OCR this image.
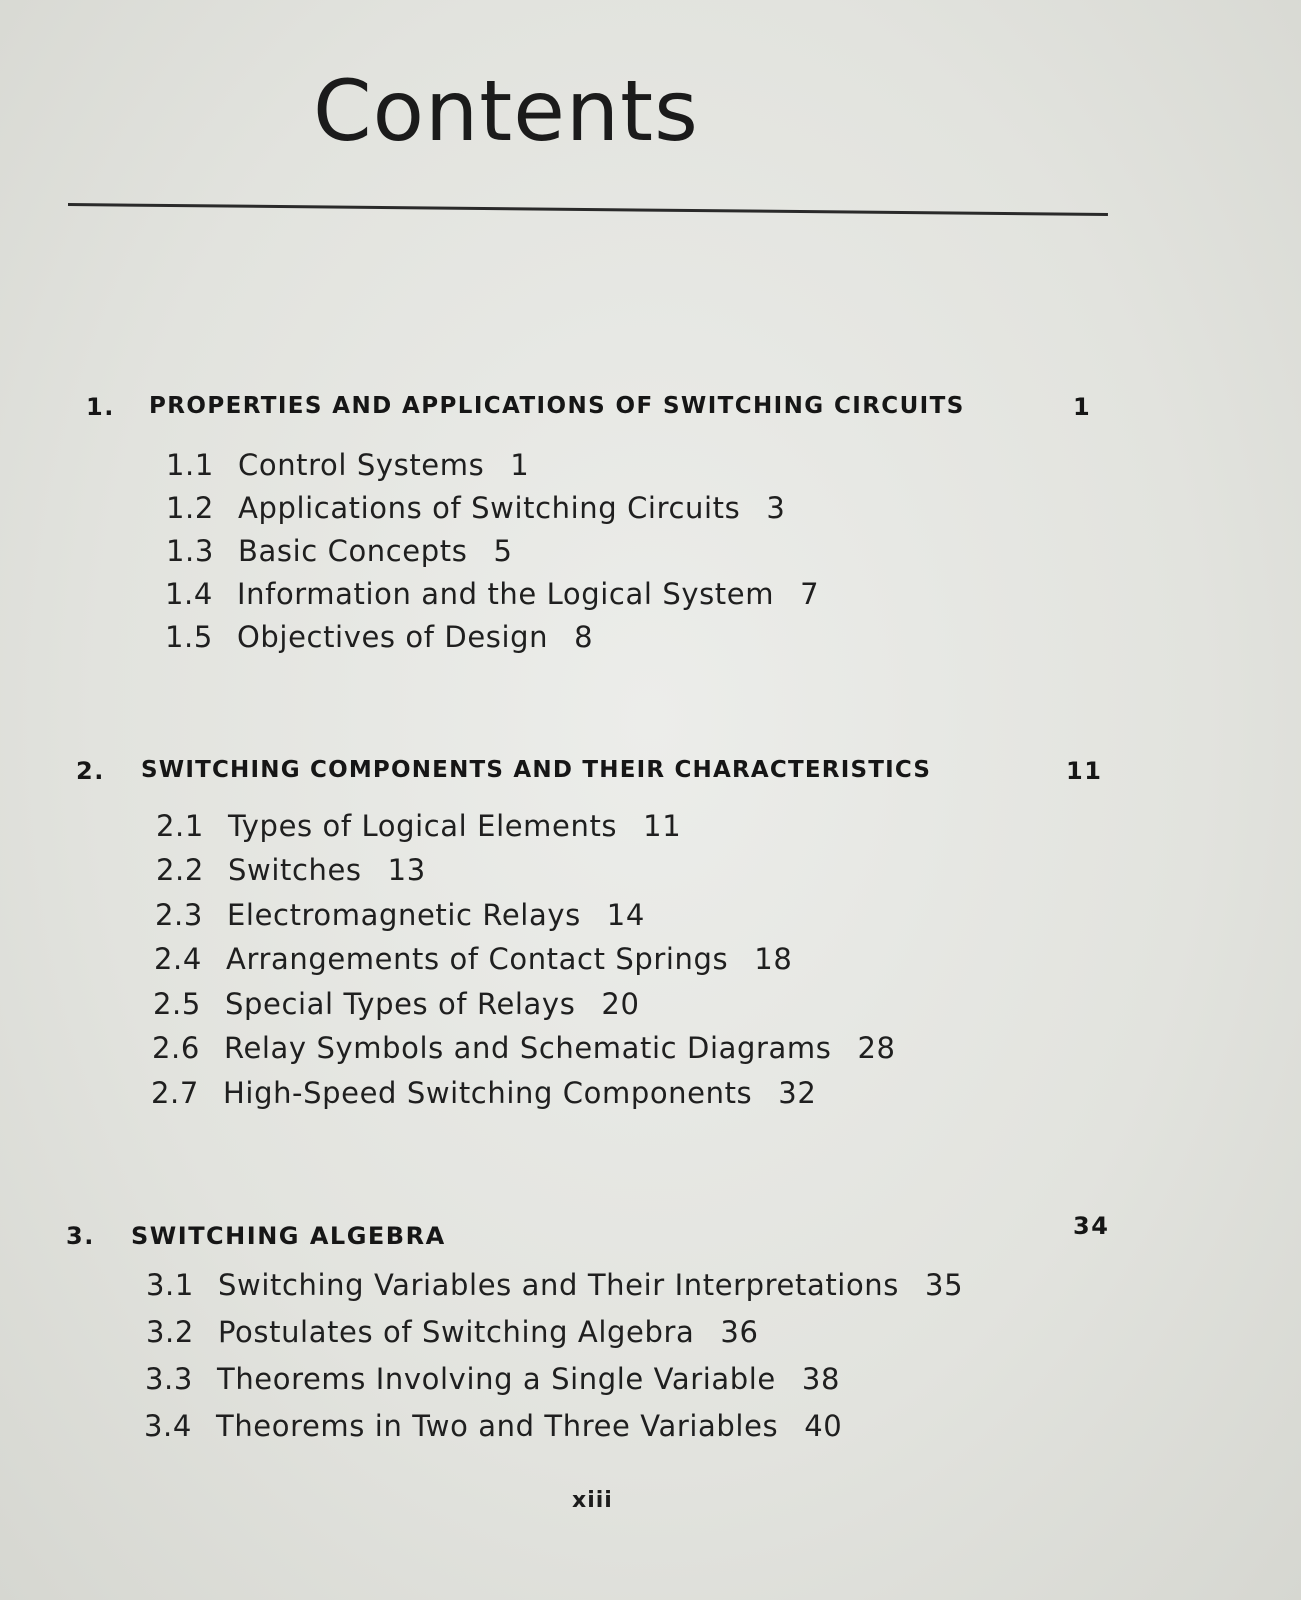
Contents
1. PROPERTIES AND APPLICATIONS OF SWITCHING CIRCUITS	1
1.1 Control Systems 1
1.2 Applications of Switching Circuits 3
1.3 Basic Concepts 5
1.4 Information and the Logical System 7
1.5 Objectives of Design 8
2. SWITCHING COMPONENTS AND THEIR CHARACTERISTICS	11
2.1 Types of Logical Elements 11
2.2 Switches 13
2.3 Electromagnetic Relays 14
2.4 Arrangements of Contact Springs 18
2.5 Special Types of Relays 20
2.6 Relay Symbols and Schematic Diagrams 28
2.7 High-Speed Switching Components 32
3. SWITCHING ALGEBRA	34
3.1 Switching Variables and Their Interpretations 35
3.2 Postulates of Switching Algebra 36
3.3 Theorems Involving a Single Variable 38
3.4 Theorems in Two and Three Variables 40
xiii
